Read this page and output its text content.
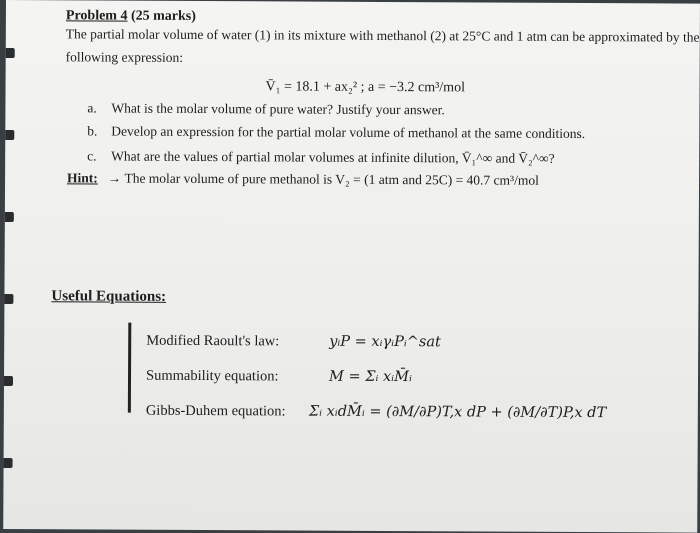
Problem 4 (25 marks)
The partial molar volume of water (1) in its mixture with methanol (2) at 25°C and 1 atm can be approximated by the
following expression:
V̄₁ = 18.1 + ax₂² ; a = −3.2 cm³/mol
a. What is the molar volume of pure water? Justify your answer.
b. Develop an expression for the partial molar volume of methanol at the same conditions.
c. What are the values of partial molar volumes at infinite dilution, V̄₁^∞ and V̄₂^∞?
Hint: → The molar volume of pure methanol is V₂ = (1 atm and 25C) = 40.7 cm³/mol
Useful Equations:
Modified Raoult's law:	yᵢP = xᵢγᵢPᵢ^sat
Summability equation:	M = Σᵢ xᵢM̄ᵢ
Gibbs-Duhem equation: Σᵢ xᵢdM̄ᵢ = (∂M/∂P)T,x dP + (∂M/∂T)P,x dT
